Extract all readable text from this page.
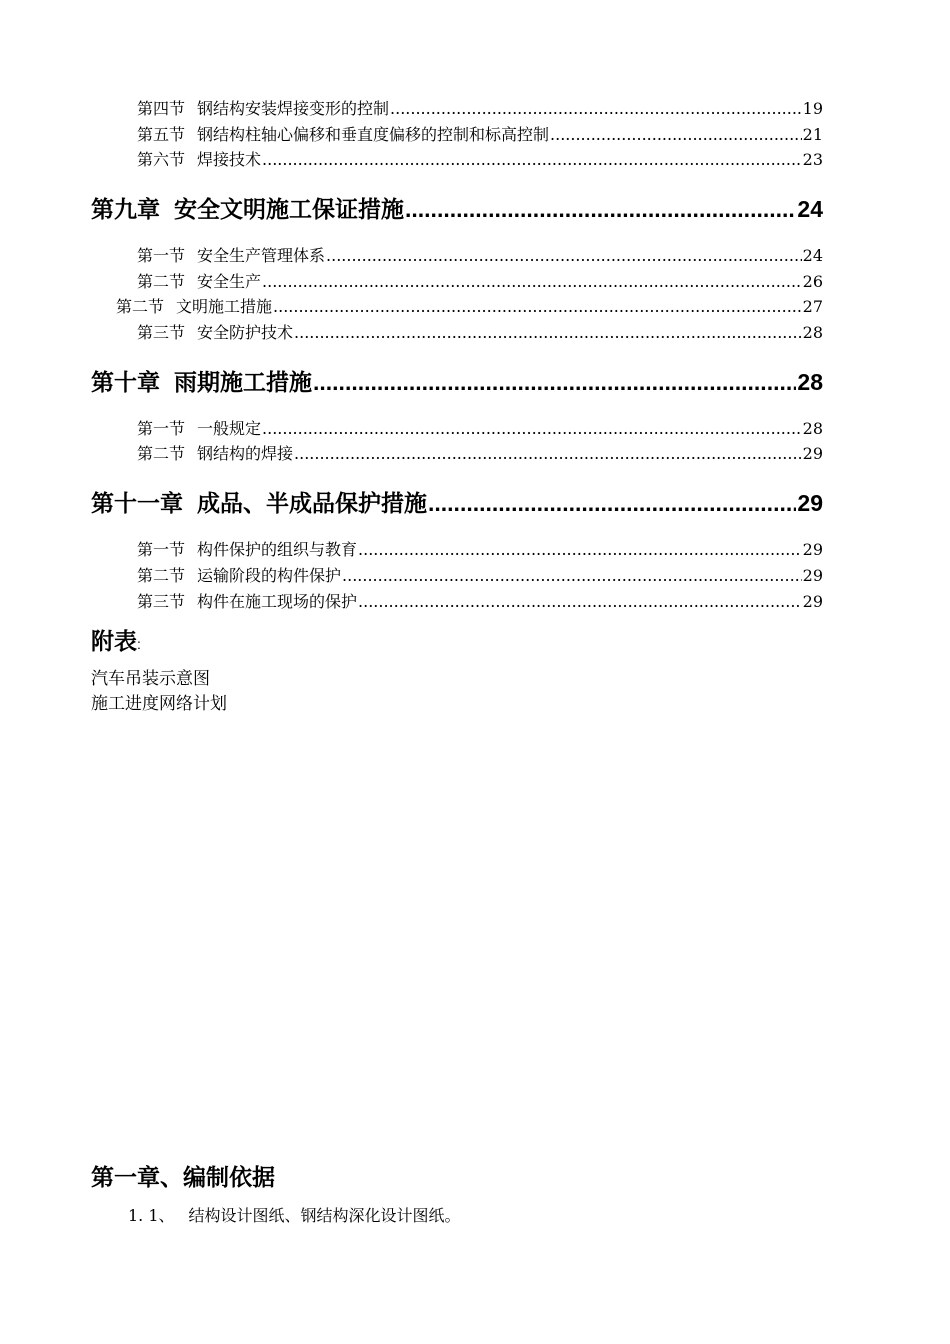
第四节 钢结构安装焊接变形的控制 .....	19
第五节 钢结构柱轴心偏移和垂直度偏移的控制和标高控制 .....	21
第六节 焊接技术 .....	23
第九章 安全文明施工保证措施 .....	24
第一节 安全生产管理体系 .....	24
第二节 安全生产 .....	26
第二节 文明施工措施 .....	27
第三节 安全防护技术 .....	28
第十章 雨期施工措施 .....	28
第一节 一般规定 .....	28
第二节 钢结构的焊接 .....	29
第十一章 成品、半成品保护措施 .....	29
第一节 构件保护的组织与教育 .....	29
第二节 运输阶段的构件保护 .....	29
第三节 构件在施工现场的保护 .....	29
附表:
汽车吊装示意图
施工进度网络计划
第一章、编制依据
1. 1、 结构设计图纸、钢结构深化设计图纸。
